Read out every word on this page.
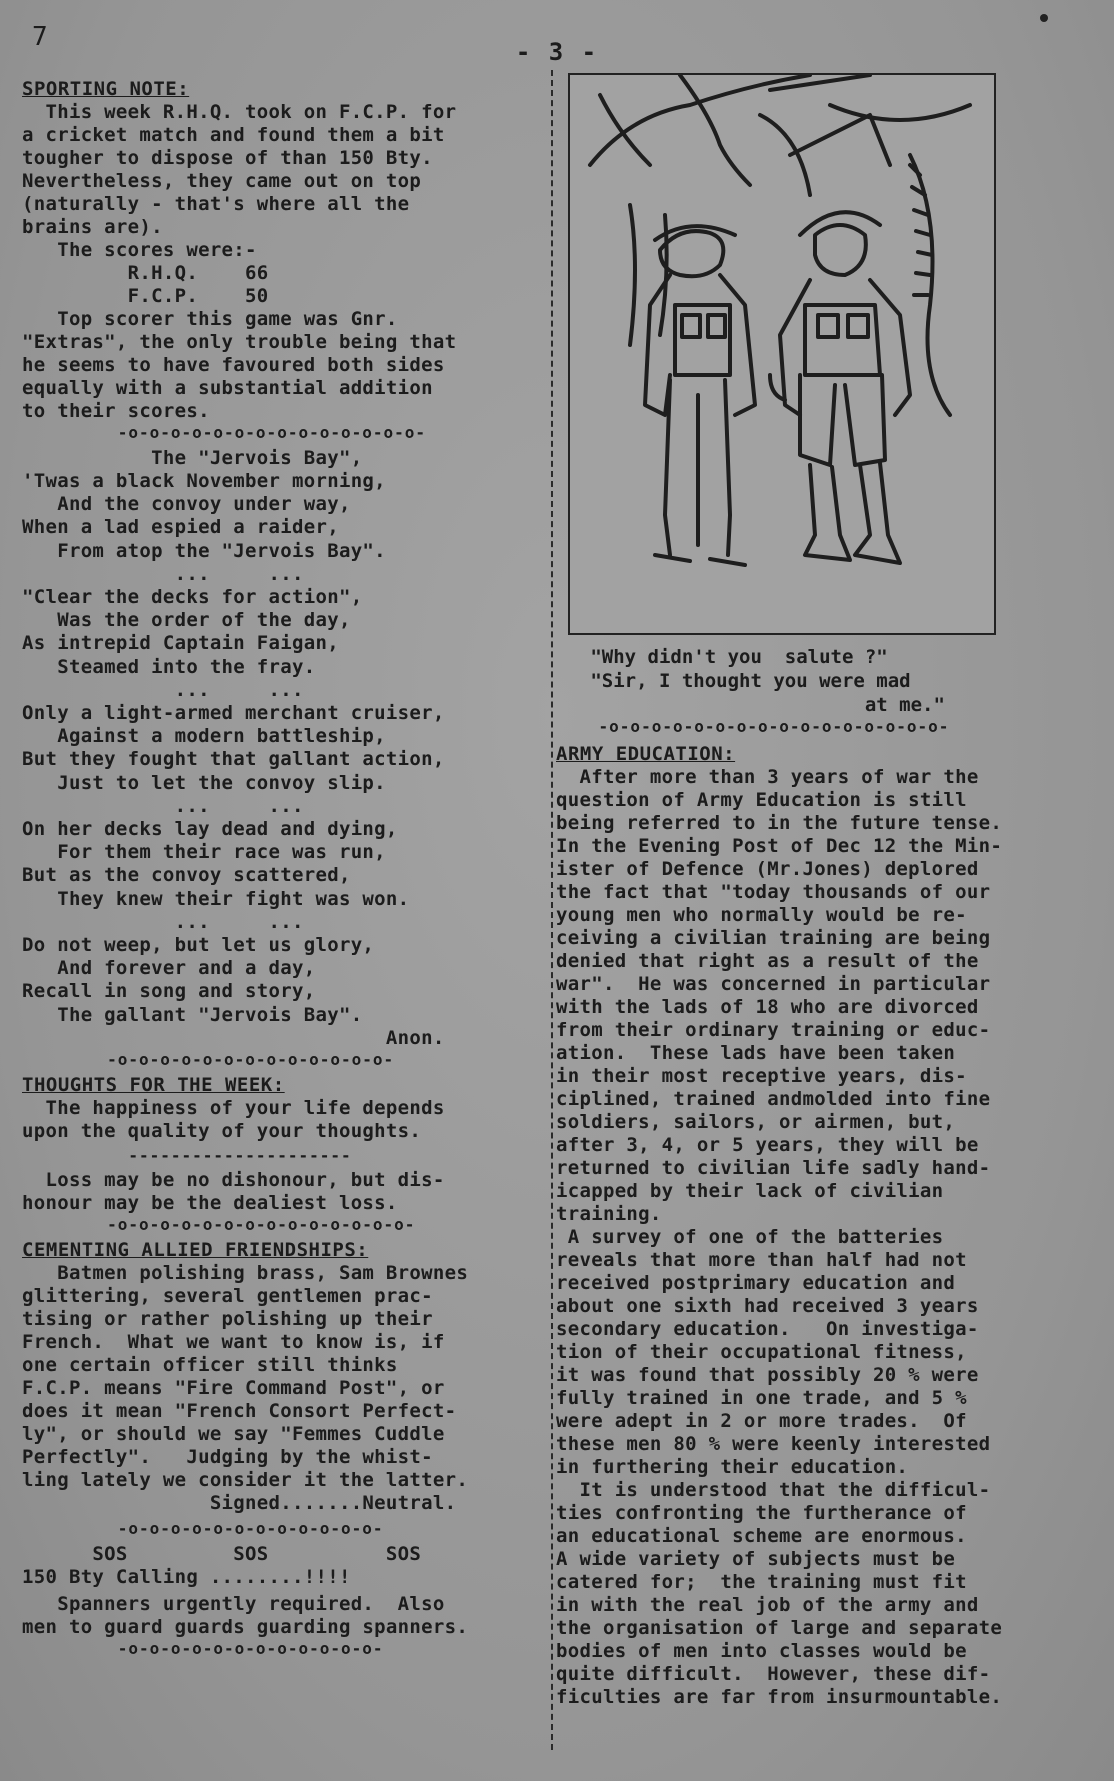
7	- 3 -
SPORTING NOTE:
This week R.H.Q. took on F.C.P. for
a cricket match and found them a bit
tougher to dispose of than 150 Bty.
Nevertheless, they came out on top
(naturally - that's where all the
brains are).
The scores were:-
R.H.Q.    66
F.C.P.    50
Top scorer this game was Gnr.
"Extras", the only trouble being that
he seems to have favoured both sides
equally with a substantial addition
to their scores.
-o-o-o-o-o-o-o-o-o-o-o-o-o-o-
The "Jervois Bay",
'Twas a black November morning,
And the convoy under way,
When a lad espied a raider,
From atop the "Jervois Bay".
...     ...
"Clear the decks for action",
Was the order of the day,
As intrepid Captain Faigan,
Steamed into the fray.
...     ...
Only a light-armed merchant cruiser,
Against a modern battleship,
But they fought that gallant action,
Just to let the convoy slip.
...     ...
On her decks lay dead and dying,
For them their race was run,
But as the convoy scattered,
They knew their fight was won.
...     ...
Do not weep, but let us glory,
And forever and a day,
Recall in song and story,
The gallant "Jervois Bay".
Anon.
-o-o-o-o-o-o-o-o-o-o-o-o-o-
THOUGHTS FOR THE WEEK:
The happiness of your life depends
upon the quality of your thoughts.
---------------------
Loss may be no dishonour, but dis-
honour may be the dealiest loss.
-o-o-o-o-o-o-o-o-o-o-o-o-o-o-
CEMENTING ALLIED FRIENDSHIPS:
Batmen polishing brass, Sam Brownes
glittering, several gentlemen prac-
tising or rather polishing up their
French.  What we want to know is, if
one certain officer still thinks
F.C.P. means "Fire Command Post", or
does it mean "French Consort Perfect-
ly", or should we say "Femmes Cuddle
Perfectly".   Judging by the whist-
ling lately we consider it the latter.
Signed.......Neutral.
-o-o-o-o-o-o-o-o-o-o-o-o-
SOS         SOS          SOS
150 Bty Calling ........!!!!
Spanners urgently required.  Also
men to guard guards guarding spanners.
-o-o-o-o-o-o-o-o-o-o-o-o-
"Why didn't you  salute ?"
"Sir, I thought you were mad
at me."
-o-o-o-o-o-o-o-o-o-o-o-o-o-o-o-o-
ARMY EDUCATION:
After more than 3 years of war the
question of Army Education is still
being referred to in the future tense.
In the Evening Post of Dec 12 the Min-
ister of Defence (Mr.Jones) deplored
the fact that "today thousands of our
young men who normally would be re-
ceiving a civilian training are being
denied that right as a result of the
war".  He was concerned in particular
with the lads of 18 who are divorced
from their ordinary training or educ-
ation.  These lads have been taken
in their most receptive years, dis-
ciplined, trained andmolded into fine
soldiers, sailors, or airmen, but,
after 3, 4, or 5 years, they will be
returned to civilian life sadly hand-
icapped by their lack of civilian
training.
A survey of one of the batteries
reveals that more than half had not
received postprimary education and
about one sixth had received 3 years
secondary education.   On investiga-
tion of their occupational fitness,
it was found that possibly 20 % were
fully trained in one trade, and 5 %
were adept in 2 or more trades.  Of
these men 80 % were keenly interested
in furthering their education.
It is understood that the difficul-
ties confronting the furtherance of
an educational scheme are enormous.
A wide variety of subjects must be
catered for;  the training must fit
in with the real job of the army and
the organisation of large and separate
bodies of men into classes would be
quite difficult.  However, these dif-
ficulties are far from insurmountable.
